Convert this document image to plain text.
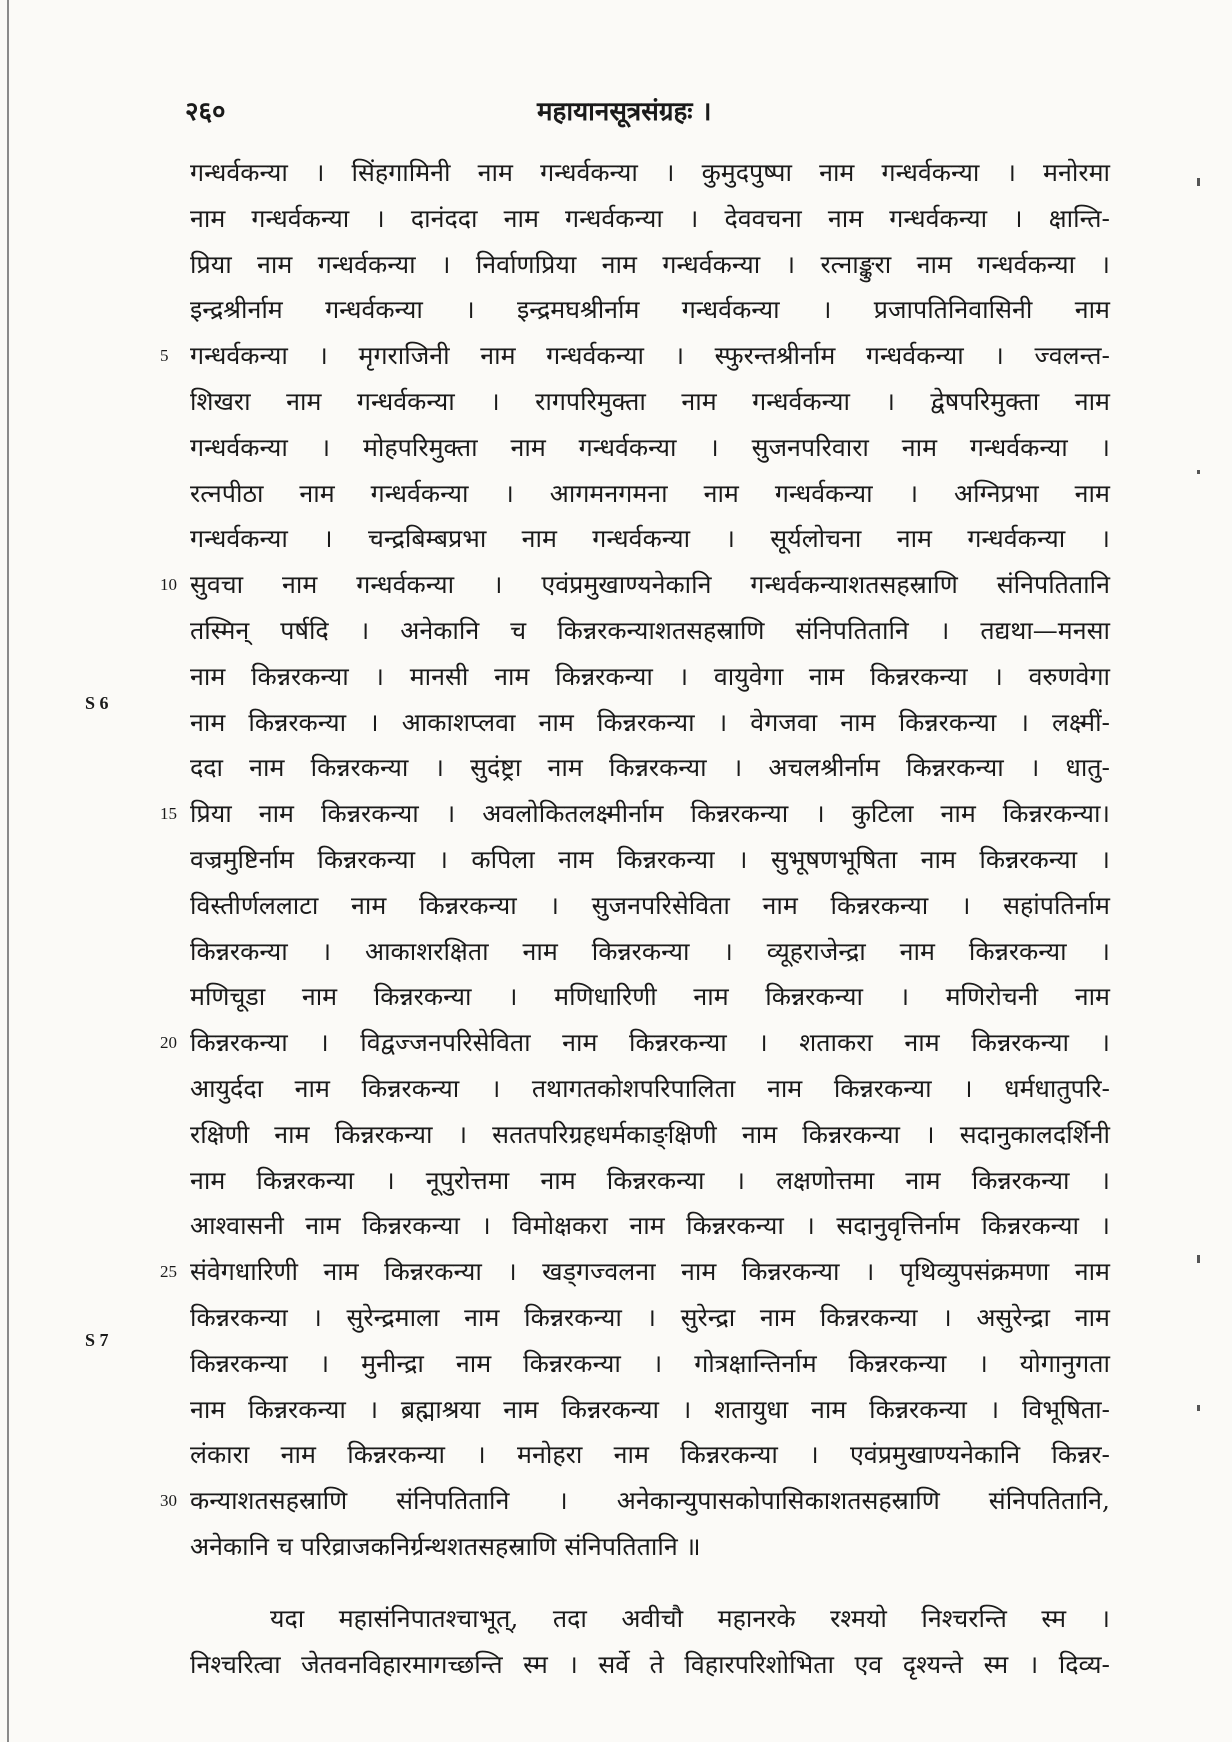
२६०	महायानसूत्रसंग्रहः ।
S 6
S 7
गन्धर्वकन्या । सिंहगामिनी नाम गन्धर्वकन्या । कुमुदपुष्पा नाम गन्धर्वकन्या । मनोरमा
नाम गन्धर्वकन्या । दानंददा नाम गन्धर्वकन्या । देववचना नाम गन्धर्वकन्या । क्षान्ति-
प्रिया नाम गन्धर्वकन्या । निर्वाणप्रिया नाम गन्धर्वकन्या । रत्नाङ्कुरा नाम गन्धर्वकन्या ।
इन्द्रश्रीर्नाम गन्धर्वकन्या । इन्द्रमघश्रीर्नाम गन्धर्वकन्या । प्रजापतिनिवासिनी नाम
5 गन्धर्वकन्या । मृगराजिनी नाम गन्धर्वकन्या । स्फुरन्तश्रीर्नाम गन्धर्वकन्या । ज्वलन्त-
शिखरा नाम गन्धर्वकन्या । रागपरिमुक्ता नाम गन्धर्वकन्या । द्वेषपरिमुक्ता नाम
गन्धर्वकन्या । मोहपरिमुक्ता नाम गन्धर्वकन्या । सुजनपरिवारा नाम गन्धर्वकन्या ।
रत्नपीठा नाम गन्धर्वकन्या । आगमनगमना नाम गन्धर्वकन्या । अग्निप्रभा नाम
गन्धर्वकन्या । चन्द्रबिम्बप्रभा नाम गन्धर्वकन्या । सूर्यलोचना नाम गन्धर्वकन्या ।
10 सुवचा नाम गन्धर्वकन्या । एवंप्रमुखाण्यनेकानि गन्धर्वकन्याशतसहस्राणि संनिपतितानि
तस्मिन् पर्षदि । अनेकानि च किन्नरकन्याशतसहस्राणि संनिपतितानि । तद्यथा—मनसा
नाम किन्नरकन्या । मानसी नाम किन्नरकन्या । वायुवेगा नाम किन्नरकन्या । वरुणवेगा
नाम किन्नरकन्या । आकाशप्लवा नाम किन्नरकन्या । वेगजवा नाम किन्नरकन्या । लक्ष्मीं-
ददा नाम किन्नरकन्या । सुदंष्ट्रा नाम किन्नरकन्या । अचलश्रीर्नाम किन्नरकन्या । धातु-
15 प्रिया नाम किन्नरकन्या । अवलोकितलक्ष्मीर्नाम किन्नरकन्या । कुटिला नाम किन्नरकन्या।
वज्रमुष्टिर्नाम किन्नरकन्या । कपिला नाम किन्नरकन्या । सुभूषणभूषिता नाम किन्नरकन्या ।
विस्तीर्णललाटा नाम किन्नरकन्या । सुजनपरिसेविता नाम किन्नरकन्या । सहांपतिर्नाम
किन्नरकन्या । आकाशरक्षिता नाम किन्नरकन्या । व्यूहराजेन्द्रा नाम किन्नरकन्या ।
मणिचूडा नाम किन्नरकन्या । मणिधारिणी नाम किन्नरकन्या । मणिरोचनी नाम
20 किन्नरकन्या । विद्वज्जनपरिसेविता नाम किन्नरकन्या । शताकरा नाम किन्नरकन्या ।
आयुर्ददा नाम किन्नरकन्या । तथागतकोशपरिपालिता नाम किन्नरकन्या । धर्मधातुपरि-
रक्षिणी नाम किन्नरकन्या । सततपरिग्रहधर्मकाङ्क्षिणी नाम किन्नरकन्या । सदानुकालदर्शिनी
नाम किन्नरकन्या । नूपुरोत्तमा नाम किन्नरकन्या । लक्षणोत्तमा नाम किन्नरकन्या ।
आश्वासनी नाम किन्नरकन्या । विमोक्षकरा नाम किन्नरकन्या । सदानुवृत्तिर्नाम किन्नरकन्या ।
25 संवेगधारिणी नाम किन्नरकन्या । खड्गज्वलना नाम किन्नरकन्या । पृथिव्युपसंक्रमणा नाम
किन्नरकन्या । सुरेन्द्रमाला नाम किन्नरकन्या । सुरेन्द्रा नाम किन्नरकन्या । असुरेन्द्रा नाम
किन्नरकन्या । मुनीन्द्रा नाम किन्नरकन्या । गोत्रक्षान्तिर्नाम किन्नरकन्या । योगानुगता
नाम किन्नरकन्या । ब्रह्माश्रया नाम किन्नरकन्या । शतायुधा नाम किन्नरकन्या । विभूषिता-
लंकारा नाम किन्नरकन्या । मनोहरा नाम किन्नरकन्या । एवंप्रमुखाण्यनेकानि किन्नर-
30 कन्याशतसहस्राणि संनिपतितानि । अनेकान्युपासकोपासिकाशतसहस्राणि संनिपतितानि,
अनेकानि च परिव्राजकनिर्ग्रन्थशतसहस्राणि संनिपतितानि ॥
यदा महासंनिपातश्चाभूत्, तदा अवीचौ महानरके रश्मयो निश्चरन्ति स्म ।
निश्चरित्वा जेतवनविहारमागच्छन्ति स्म । सर्वे ते विहारपरिशोभिता एव दृश्यन्ते स्म । दिव्य-
